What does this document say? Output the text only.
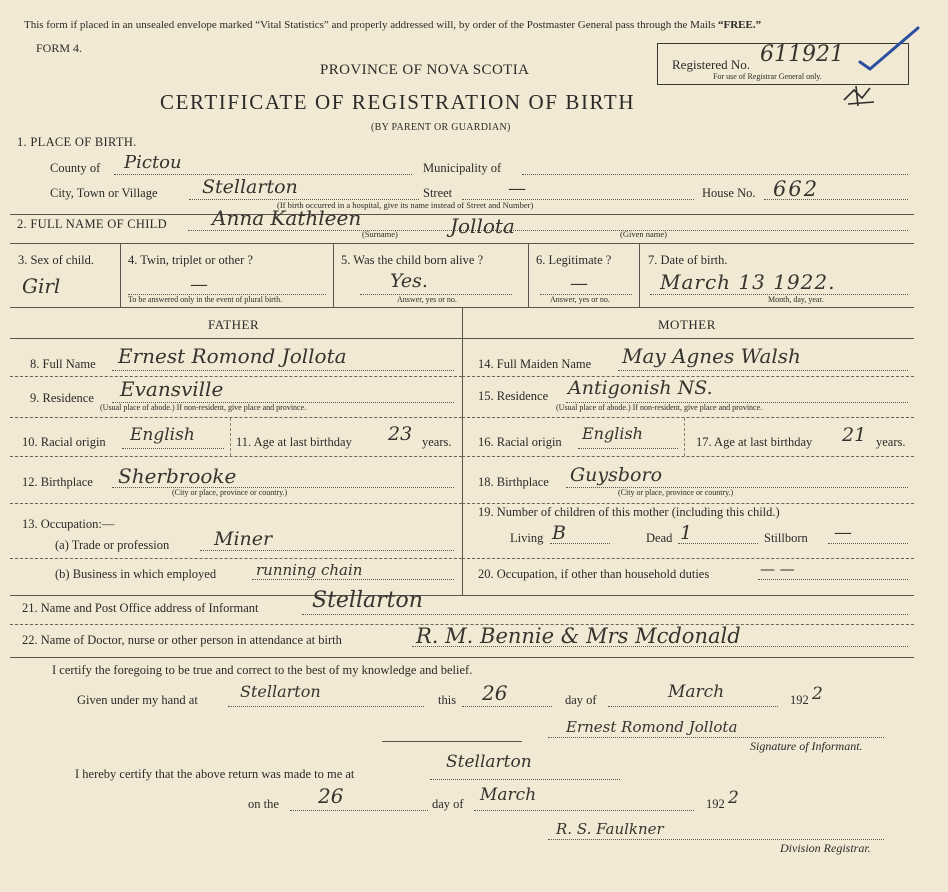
This form if placed in an unsealed envelope marked “Vital Statistics” and properly addressed will, by order of the Postmaster General pass through the Mails “FREE.”
FORM 4.
PROVINCE OF NOVA SCOTIA
CERTIFICATE OF REGISTRATION OF BIRTH
(BY PARENT OR GUARDIAN)
Registered No. 611921
For use of Registrar General only.
1. PLACE OF BIRTH.
County of Pictou	Municipality of
City, Town or Village Stellarton	Street	—	House No. 662
(If birth occurred in a hospital, give its name instead of Street and Number)
2. FULL NAME OF CHILD Anna Kathleen	Jollota
(Surname)	(Given name)
3. Sex of child.
Girl
4. Twin, triplet or other ?
—
To be answered only in the event of plural birth.
5. Was the child born alive ?
Yes.
Answer, yes or no.
6. Legitimate ?
—
Answer, yes or no.
7. Date of birth.
March 13 1922.
Month, day, year.
FATHER
8. Full Name Ernest Romond Jollota
9. Residence Evansville
(Usual place of abode.) If non-resident, give place and province.
10. Racial origin English	11. Age at last birthday 23 years.
12. Birthplace Sherbrooke
(City or place, province or country.)
13. Occupation:—
(a) Trade or profession Miner
(b) Business in which employed	running chain
MOTHER
14. Full Maiden Name May Agnes Walsh
15. Residence Antigonish NS.
(Usual place of abode.) If non-resident, give place and province.
16. Racial origin English	17. Age at last birthday 21 years.
18. Birthplace Guysboro
(City or place, province or country.)
19. Number of children of this mother (including this child.)
Living B	Dead 1	Stillborn —
20. Occupation, if other than household duties	— —
21. Name and Post Office address of Informant Stellarton
22. Name of Doctor, nurse or other person in attendance at birth	R. M. Bennie & Mrs Mcdonald
I certify the foregoing to be true and correct to the best of my knowledge and belief.
Given under my hand at	Stellarton	this 26	day of	March	192 2
Ernest Romond Jollota
Signature of Informant.
I hereby certify that the above return was made to me at
Stellarton
on the 26	day of March	192 2
R. S. Faulkner
Division Registrar.
